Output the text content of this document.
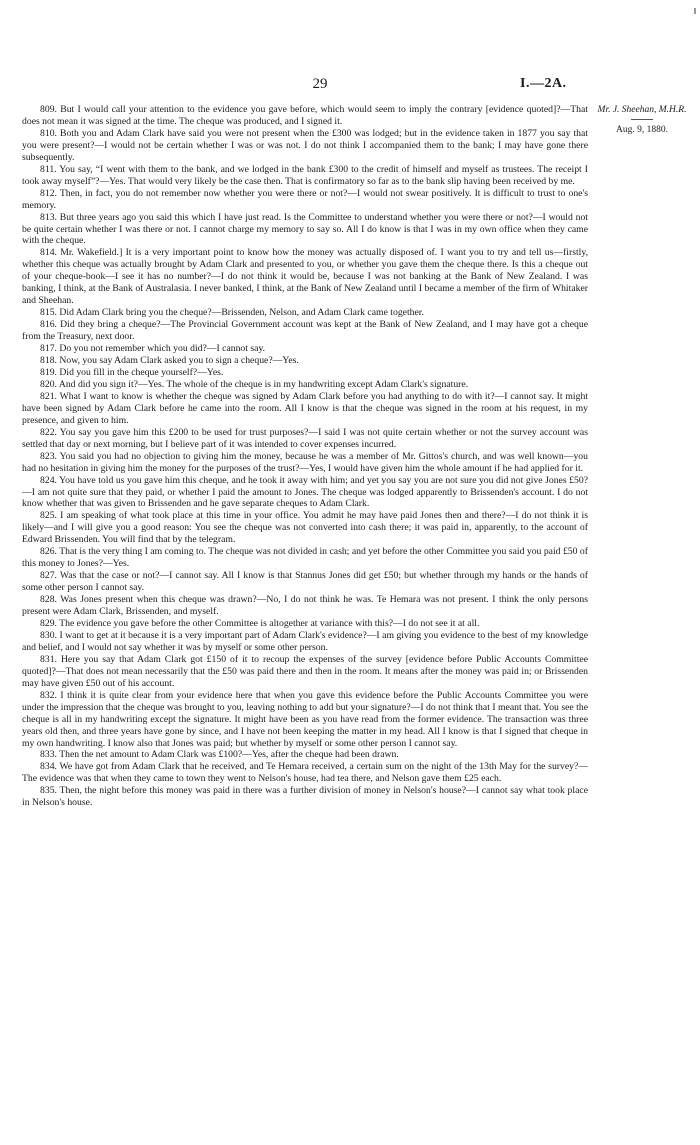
29	I.—2A.
Mr. J. Sheehan, M.H.R.
Aug. 9, 1880.

809. But I would call your attention to the evidence you gave before, which would seem to imply the contrary [evidence quoted]?—That does not mean it was signed at the time. The cheque was produced, and I signed it.

810. Both you and Adam Clark have said you were not present when the £300 was lodged; but in the evidence taken in 1877 you say that you were present?—I would not be certain whether I was or was not. I do not think I accompanied them to the bank; I may have gone there subsequently.

811. You say, “I went with them to the bank, and we lodged in the bank £300 to the credit of himself and myself as trustees. The receipt I took away myself”?—Yes. That would very likely be the case then. That is confirmatory so far as to the bank slip having been received by me.

812. Then, in fact, you do not remember now whether you were there or not?—I would not swear positively. It is difficult to trust to one's memory.

813. But three years ago you said this which I have just read. Is the Committee to understand whether you were there or not?—I would not be quite certain whether I was there or not. I cannot charge my memory to say so. All I do know is that I was in my own office when they came with the cheque.

814. Mr. Wakefield.] It is a very important point to know how the money was actually disposed of. I want you to try and tell us—firstly, whether this cheque was actually brought by Adam Clark and presented to you, or whether you gave them the cheque there. Is this a cheque out of your cheque-book—I see it has no number?—I do not think it would be, because I was not banking at the Bank of New Zealand. I was banking, I think, at the Bank of Australasia. I never banked, I think, at the Bank of New Zealand until I became a member of the firm of Whitaker and Sheehan.

815. Did Adam Clark bring you the cheque?—Brissenden, Nelson, and Adam Clark came together.

816. Did they bring a cheque?—The Provincial Government account was kept at the Bank of New Zealand, and I may have got a cheque from the Treasury, next door.

817. Do you not remember which you did?—I cannot say.

818. Now, you say Adam Clark asked you to sign a cheque?—Yes.

819. Did you fill in the cheque yourself?—Yes.

820. And did you sign it?—Yes. The whole of the cheque is in my handwriting except Adam Clark's signature.

821. What I want to know is whether the cheque was signed by Adam Clark before you had anything to do with it?—I cannot say. It might have been signed by Adam Clark before he came into the room. All I know is that the cheque was signed in the room at his request, in my presence, and given to him.

822. You say you gave him this £200 to be used for trust purposes?—I said I was not quite certain whether or not the survey account was settled that day or next morning, but I believe part of it was intended to cover expenses incurred.

823. You said you had no objection to giving him the money, because he was a member of Mr. Gittos's church, and was well known—you had no hesitation in giving him the money for the purposes of the trust?—Yes, I would have given him the whole amount if he had applied for it.

824. You have told us you gave him this cheque, and he took it away with him; and yet you say you are not sure you did not give Jones £50?—I am not quite sure that they paid, or whether I paid the amount to Jones. The cheque was lodged apparently to Brissenden's account. I do not know whether that was given to Brissenden and he gave separate cheques to Adam Clark.

825. I am speaking of what took place at this time in your office. You admit he may have paid Jones then and there?—I do not think it is likely—and I will give you a good reason: You see the cheque was not converted into cash there; it was paid in, apparently, to the account of Edward Brissenden. You will find that by the telegram.

826. That is the very thing I am coming to. The cheque was not divided in cash; and yet before the other Committee you said you paid £50 of this money to Jones?—Yes.

827. Was that the case or not?—I cannot say. All I know is that Stannus Jones did get £50; but whether through my hands or the hands of some other person I cannot say.

828. Was Jones present when this cheque was drawn?—No, I do not think he was. Te Hemara was not present. I think the only persons present were Adam Clark, Brissenden, and myself.

829. The evidence you gave before the other Committee is altogether at variance with this?—I do not see it at all.

830. I want to get at it because it is a very important part of Adam Clark's evidence?—I am giving you evidence to the best of my knowledge and belief, and I would not say whether it was by myself or some other person.

831. Here you say that Adam Clark got £150 of it to recoup the expenses of the survey [evidence before Public Accounts Committee quoted]?—That does not mean necessarily that the £50 was paid there and then in the room. It means after the money was paid in; or Brissenden may have given £50 out of his account.

832. I think it is quite clear from your evidence here that when you gave this evidence before the Public Accounts Committee you were under the impression that the cheque was brought to you, leaving nothing to add but your signature?—I do not think that I meant that. You see the cheque is all in my handwriting except the signature. It might have been as you have read from the former evidence. The transaction was three years old then, and three years have gone by since, and I have not been keeping the matter in my head. All I know is that I signed that cheque in my own handwriting. I know also that Jones was paid; but whether by myself or some other person I cannot say.

833. Then the net amount to Adam Clark was £100?—Yes, after the cheque had been drawn.

834. We have got from Adam Clark that he received, and Te Hemara received, a certain sum on the night of the 13th May for the survey?—The evidence was that when they came to town they went to Nelson's house, had tea there, and Nelson gave them £25 each.

835. Then, the night before this money was paid in there was a further division of money in Nelson's house?—I cannot say what took place in Nelson's house.
